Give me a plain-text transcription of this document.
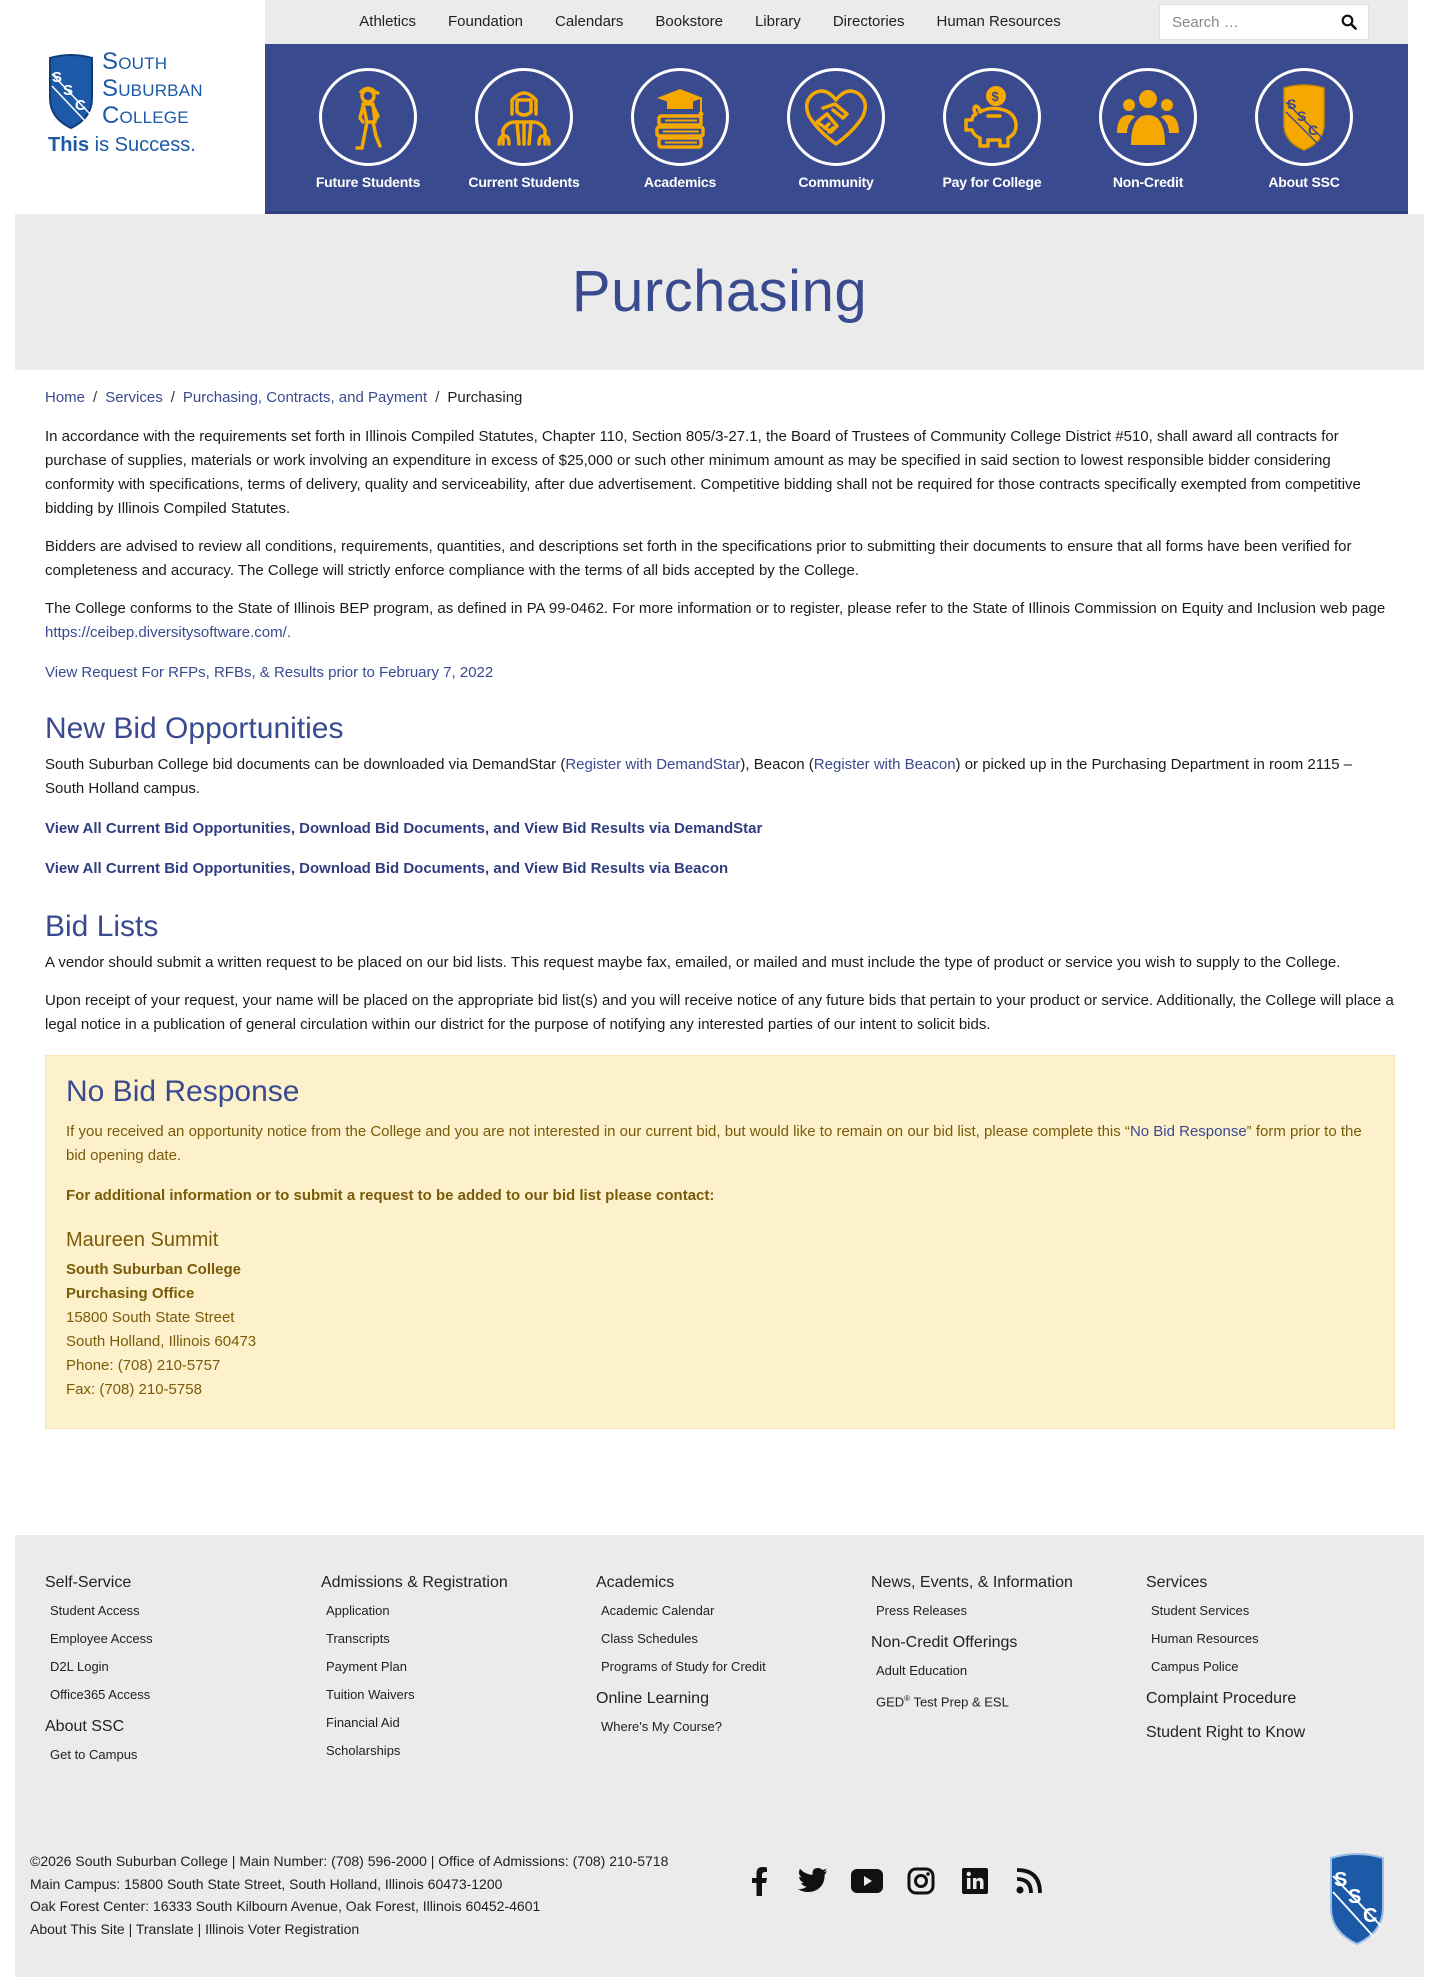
S
S
C
South
Suburban
College
This is Success.
Athletics	Foundation	Calendars	Bookstore	Library	Directories	Human Resources
Search …
Future Students	Current Students	Academics	Community
$
Pay for College	Non-Credit
S
S
C
About SSC
Purchasing
Home / Services / Purchasing, Contracts, and Payment / Purchasing

In accordance with the requirements set forth in Illinois Compiled Statutes, Chapter 110, Section 805/3-27.1, the Board of Trustees of Community College District #510, shall award all contracts for purchase of supplies, materials or work involving an expenditure in excess of $25,000 or such other minimum amount as may be specified in said section to lowest responsible bidder considering conformity with specifications, terms of delivery, quality and serviceability, after due advertisement. Competitive bidding shall not be required for those contracts specifically exempted from competitive bidding by Illinois Compiled Statutes.

Bidders are advised to review all conditions, requirements, quantities, and descriptions set forth in the specifications prior to submitting their documents to ensure that all forms have been verified for completeness and accuracy. The College will strictly enforce compliance with the terms of all bids accepted by the College.

The College conforms to the State of Illinois BEP program, as defined in PA 99-0462. For more information or to register, please refer to the State of Illinois Commission on Equity and Inclusion web page https://ceibep.diversitysoftware.com/.

View Request For RFPs, RFBs, & Results prior to February 7, 2022

New Bid Opportunities

South Suburban College bid documents can be downloaded via DemandStar (Register with DemandStar), Beacon (Register with Beacon) or picked up in the Purchasing Department in room 2115 – South Holland campus.

View All Current Bid Opportunities, Download Bid Documents, and View Bid Results via DemandStar

View All Current Bid Opportunities, Download Bid Documents, and View Bid Results via Beacon

Bid Lists

A vendor should submit a written request to be placed on our bid lists. This request maybe fax, emailed, or mailed and must include the type of product or service you wish to supply to the College.

Upon receipt of your request, your name will be placed on the appropriate bid list(s) and you will receive notice of any future bids that pertain to your product or service. Additionally, the College will place a legal notice in a publication of general circulation within our district for the purpose of notifying any interested parties of our intent to solicit bids.

No Bid Response

If you received an opportunity notice from the College and you are not interested in our current bid, but would like to remain on our bid list, please complete this “No Bid Response” form prior to the bid opening date.

For additional information or to submit a request to be added to our bid list please contact:

Maureen Summit
South Suburban College
Purchasing Office
15800 South State Street
South Holland, Illinois 60473
Phone: (708) 210-5757
Fax: (708) 210-5758
Self-Service
Student Access
Employee Access
D2L Login
Office365 Access
About SSC
Get to Campus
Admissions & Registration
Application
Transcripts
Payment Plan
Tuition Waivers
Financial Aid
Scholarships
Academics
Academic Calendar
Class Schedules
Programs of Study for Credit
Online Learning
Where's My Course?
News, Events, & Information
Press Releases
Non-Credit Offerings
Adult Education
GED® Test Prep & ESL
Services
Student Services
Human Resources
Campus Police
Complaint Procedure
Student Right to Know
©2026 South Suburban College | Main Number: (708) 596-2000 | Office of Admissions: (708) 210-5718
Main Campus: 15800 South State Street, South Holland, Illinois 60473-1200
Oak Forest Center: 16333 South Kilbourn Avenue, Oak Forest, Illinois 60452-4601
About This Site | Translate | Illinois Voter Registration
S
S
C
